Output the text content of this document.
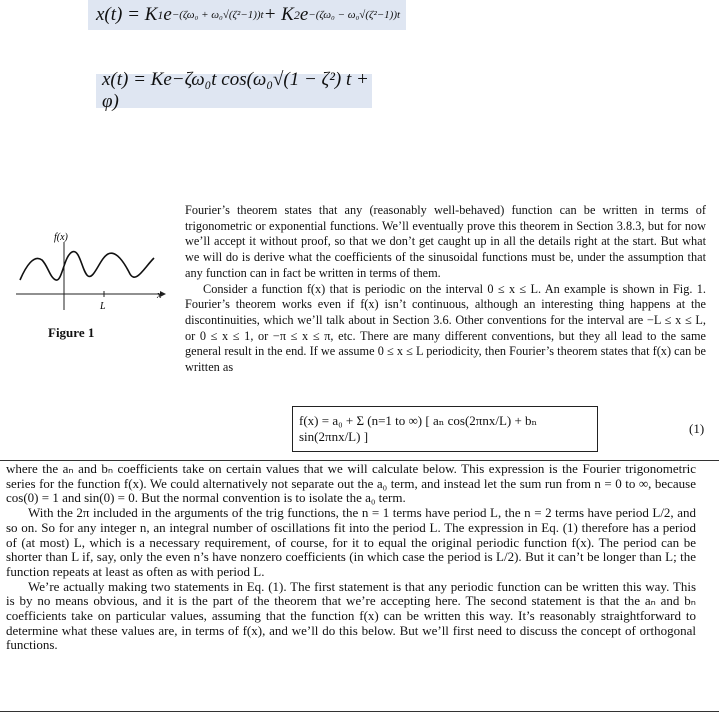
x(t) = K 1 e −(ζω₀ + ω₀√(ζ²−1))t + K 2 e −(ζω₀ − ω₀√(ζ²−1))t
x(t) = Ke−ζω₀t cos(ω₀√(1 − ζ²) t + φ)
f(x)
x
L
Figure 1

Fourier’s theorem states that any (reasonably well-behaved) function can be written in terms of trigonometric or exponential functions. We’ll eventually prove this theorem in Section 3.8.3, but for now we’ll accept it without proof, so that we don’t get caught up in all the details right at the start. But what we will do is derive what the coefficients of the sinusoidal functions must be, under the assumption that any function can in fact be written in terms of them.

Consider a function f(x) that is periodic on the interval 0 ≤ x ≤ L. An example is shown in Fig. 1. Fourier’s theorem works even if f(x) isn’t continuous, although an interesting thing happens at the discontinuities, which we’ll talk about in Section 3.6. Other conventions for the interval are −L ≤ x ≤ L, or 0 ≤ x ≤ 1, or −π ≤ x ≤ π, etc. There are many different conventions, but they all lead to the same general result in the end. If we assume 0 ≤ x ≤ L periodicity, then Fourier’s theorem states that f(x) can be written as

f(x) = a₀ + Σ (n=1 to ∞) [ aₙ cos(2πnx/L) + bₙ sin(2πnx/L) ]
(1)

where the aₙ and bₙ coefficients take on certain values that we will calculate below. This expression is the Fourier trigonometric series for the function f(x). We could alternatively not separate out the a₀ term, and instead let the sum run from n = 0 to ∞, because cos(0) = 1 and sin(0) = 0. But the normal convention is to isolate the a₀ term.

With the 2π included in the arguments of the trig functions, the n = 1 terms have period L, the n = 2 terms have period L/2, and so on. So for any integer n, an integral number of oscillations fit into the period L. The expression in Eq. (1) therefore has a period of (at most) L, which is a necessary requirement, of course, for it to equal the original periodic function f(x). The period can be shorter than L if, say, only the even n’s have nonzero coefficients (in which case the period is L/2). But it can’t be longer than L; the function repeats at least as often as with period L.

We’re actually making two statements in Eq. (1). The first statement is that any periodic function can be written this way. This is by no means obvious, and it is the part of the theorem that we’re accepting here. The second statement is that the aₙ and bₙ coefficients take on particular values, assuming that the function f(x) can be written this way. It’s reasonably straightforward to determine what these values are, in terms of f(x), and we’ll do this below. But we’ll first need to discuss the concept of orthogonal functions.
